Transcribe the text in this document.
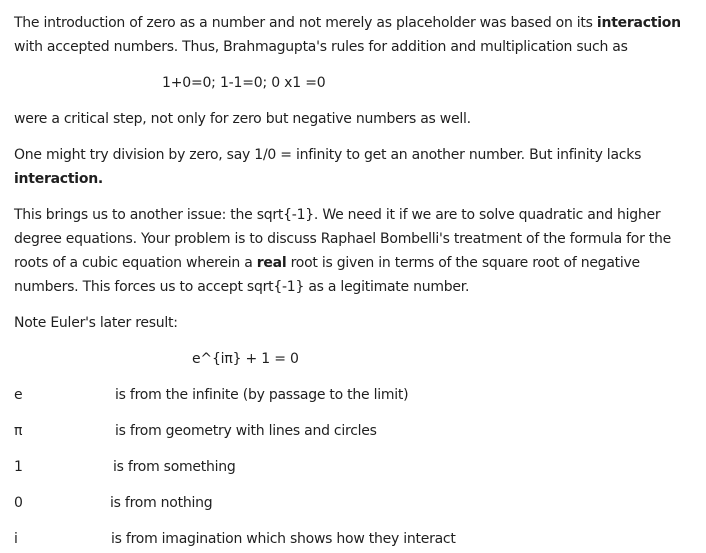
The introduction of zero as a number and not merely as placeholder was based on its interaction
with accepted numbers. Thus, Brahmagupta's rules for addition and multiplication such as
1+0=0; 1-1=0; 0 x1 =0
were a critical step, not only for zero but negative numbers as well.
One might try division by zero, say 1/0 = infinity to get an another number. But infinity lacks
interaction.
This brings us to another issue: the sqrt{-1}. We need it if we are to solve quadratic and higher
degree equations. Your problem is to discuss Raphael Bombelli's treatment of the formula for the
roots of a cubic equation wherein a real root is given in terms of the square root of negative
numbers. This forces us to accept sqrt{-1} as a legitimate number.
Note Euler's later result:
e^{iπ} + 1 = 0
e	is from the infinite (by passage to the limit)
π	is from geometry with lines and circles
1	is from something
0	is from nothing
i	is from imagination which shows how they interact
